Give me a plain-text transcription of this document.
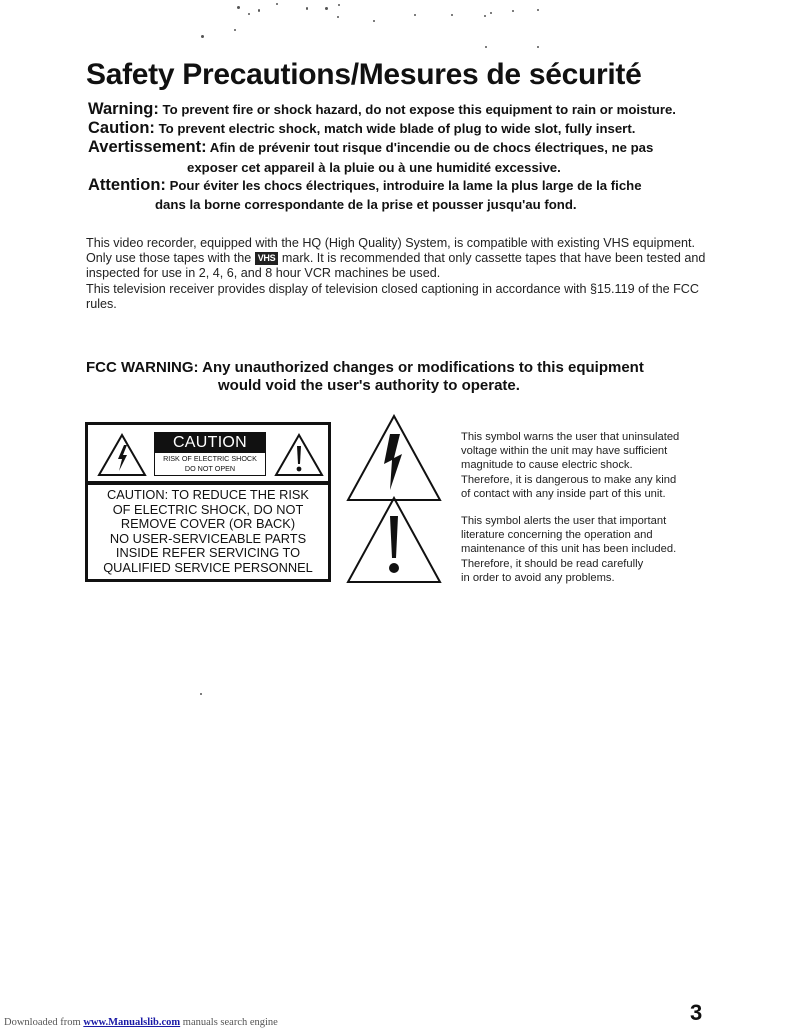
Safety Precautions/Mesures de sécurité
Warning: To prevent fire or shock hazard, do not expose this equipment to rain or moisture.
Caution: To prevent electric shock, match wide blade of plug to wide slot, fully insert.
Avertissement: Afin de prévenir tout risque d'incendie ou de chocs électriques, ne pas
exposer cet appareil à la pluie ou à une humidité excessive.
Attention: Pour éviter les chocs électriques, introduire la lame la plus large de la fiche
dans la borne correspondante de la prise et pousser jusqu'au fond.

This video recorder, equipped with the HQ (High Quality) System, is compatible with existing VHS equipment.

Only use those tapes with the VHS mark. It is recommended that only cassette tapes that have been tested and inspected for use in 2, 4, 6, and 8 hour VCR machines be used.

This television receiver provides display of television closed captioning in accordance with §15.119 of the FCC rules.

FCC WARNING: Any unauthorized changes or modifications to this equipment
would void the user's authority to operate.
CAUTION
RISK OF ELECTRIC SHOCK
DO NOT OPEN
CAUTION: TO REDUCE THE RISK
OF ELECTRIC SHOCK, DO NOT
REMOVE COVER (OR BACK)
NO USER-SERVICEABLE PARTS
INSIDE REFER SERVICING TO
QUALIFIED SERVICE PERSONNEL
This symbol warns the user that uninsulated
voltage within the unit may have sufficient
magnitude to cause electric shock.
Therefore, it is dangerous to make any kind
of contact with any inside part of this unit.
This symbol alerts the user that important
literature concerning the operation and
maintenance of this unit has been included.
Therefore, it should be read carefully
in order to avoid any problems.
3
Downloaded from www.Manualslib.com manuals search engine
